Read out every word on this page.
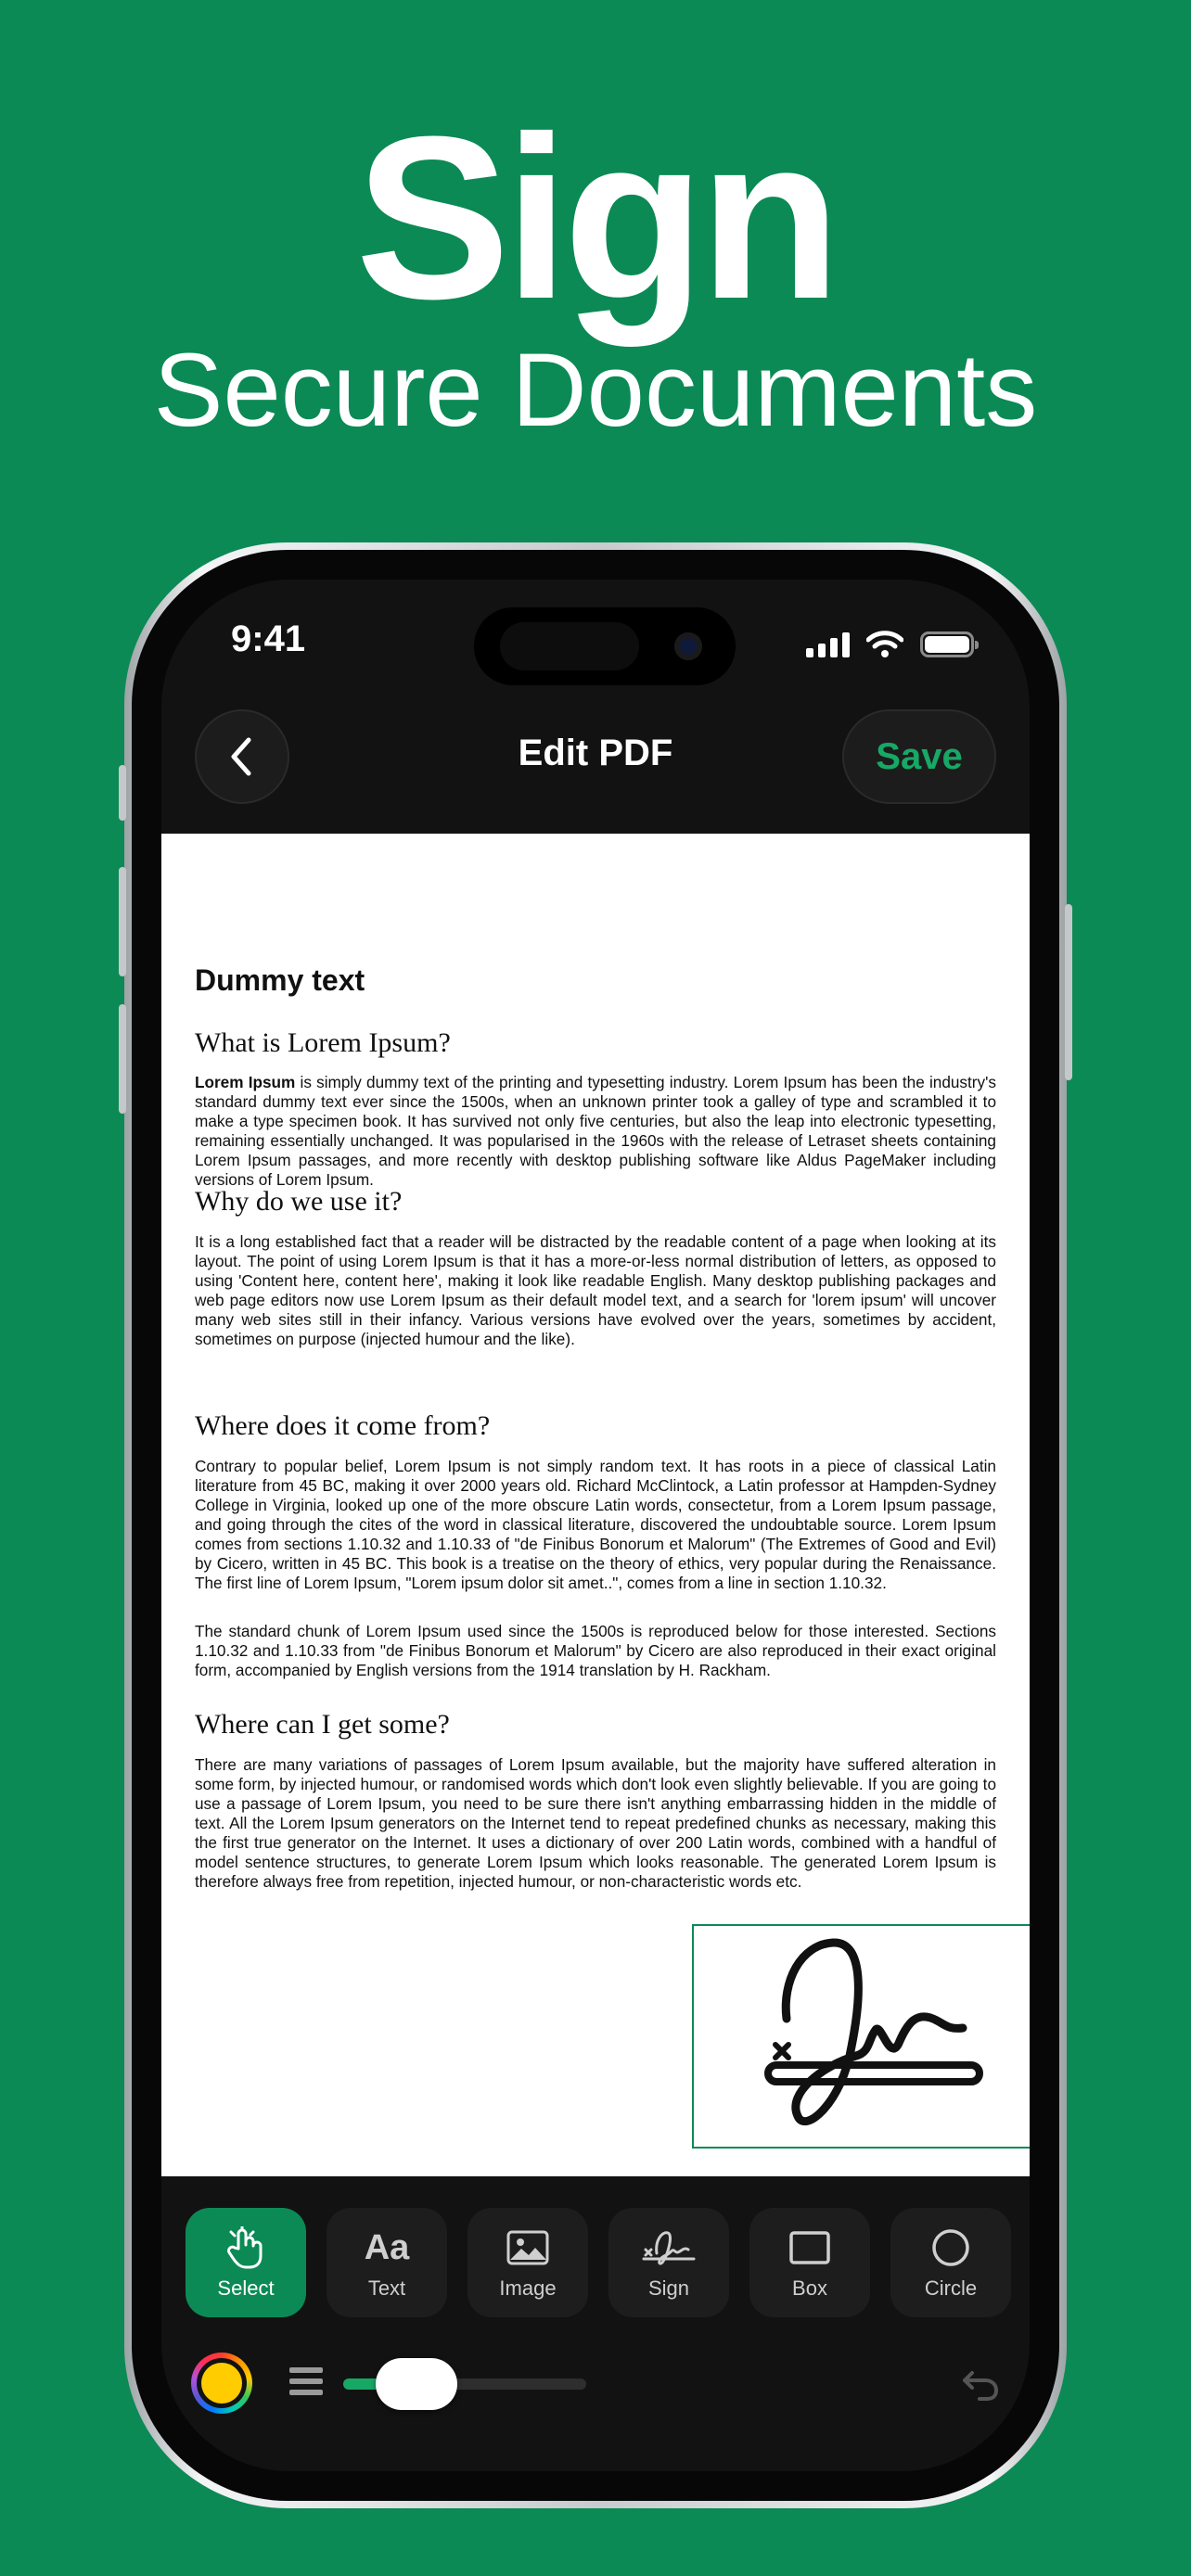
Sign
Secure Documents
9:41
Edit PDF	Save
Dummy text
What is Lorem Ipsum?
Lorem Ipsum is simply dummy text of the printing and typesetting industry. Lorem Ipsum has been the industry's standard dummy text ever since the 1500s, when an unknown printer took a galley of type and scrambled it to make a type specimen book. It has survived not only five centuries, but also the leap into electronic typesetting, remaining essentially unchanged. It was popularised in the 1960s with the release of Letraset sheets containing Lorem Ipsum passages, and more recently with desktop publishing software like Aldus PageMaker including versions of Lorem Ipsum.
Why do we use it?
It is a long established fact that a reader will be distracted by the readable content of a page when looking at its layout. The point of using Lorem Ipsum is that it has a more-or-less normal distribution of letters, as opposed to using 'Content here, content here', making it look like readable English. Many desktop publishing packages and web page editors now use Lorem Ipsum as their default model text, and a search for 'lorem ipsum' will uncover many web sites still in their infancy. Various versions have evolved over the years, sometimes by accident, sometimes on purpose (injected humour and the like).
Where does it come from?
Contrary to popular belief, Lorem Ipsum is not simply random text. It has roots in a piece of classical Latin literature from 45 BC, making it over 2000 years old. Richard McClintock, a Latin professor at Hampden-Sydney College in Virginia, looked up one of the more obscure Latin words, consectetur, from a Lorem Ipsum passage, and going through the cites of the word in classical literature, discovered the undoubtable source. Lorem Ipsum comes from sections 1.10.32 and 1.10.33 of "de Finibus Bonorum et Malorum" (The Extremes of Good and Evil) by Cicero, written in 45 BC. This book is a treatise on the theory of ethics, very popular during the Renaissance. The first line of Lorem Ipsum, "Lorem ipsum dolor sit amet..", comes from a line in section 1.10.32.
The standard chunk of Lorem Ipsum used since the 1500s is reproduced below for those interested. Sections 1.10.32 and 1.10.33 from "de Finibus Bonorum et Malorum" by Cicero are also reproduced in their exact original form, accompanied by English versions from the 1914 translation by H. Rackham.
Where can I get some?
There are many variations of passages of Lorem Ipsum available, but the majority have suffered alteration in some form, by injected humour, or randomised words which don't look even slightly believable. If you are going to use a passage of Lorem Ipsum, you need to be sure there isn't anything embarrassing hidden in the middle of text. All the Lorem Ipsum generators on the Internet tend to repeat predefined chunks as necessary, making this the first true generator on the Internet. It uses a dictionary of over 200 Latin words, combined with a handful of model sentence structures, to generate Lorem Ipsum which looks reasonable. The generated Lorem Ipsum is therefore always free from repetition, injected humour, or non-characteristic words etc.
Select
Aa
Text	Image	Sign	Box	Circle
